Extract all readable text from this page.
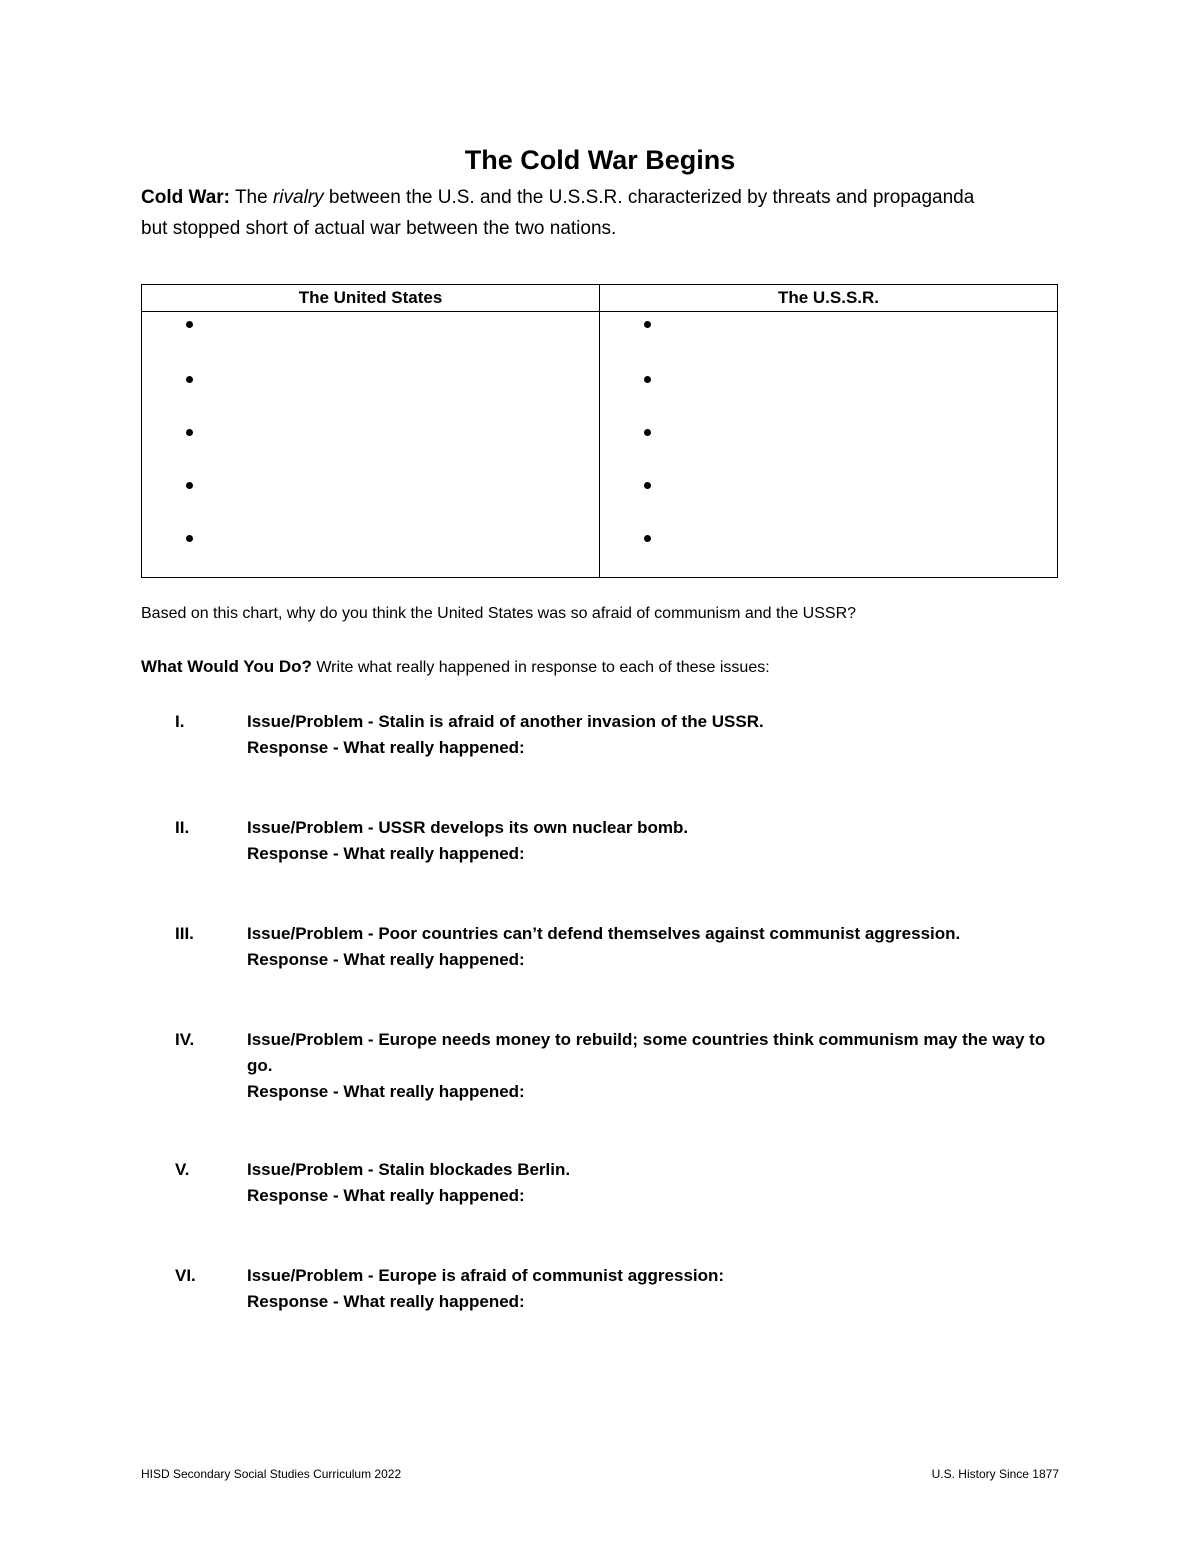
The Cold War Begins

Cold War: The rivalry between the U.S. and the U.S.S.R. characterized by threats and propaganda but stopped short of actual war between the two nations.

The United States	The U.S.S.R.

Based on this chart, why do you think the United States was so afraid of communism and the USSR?

What Would You Do? Write what really happened in response to each of these issues:

I.	Issue/Problem - Stalin is afraid of another invasion of the USSR.
Response - What really happened:
II.	Issue/Problem - USSR develops its own nuclear bomb.
Response - What really happened:
III.	Issue/Problem - Poor countries can’t defend themselves against communist aggression.
Response - What really happened:
IV.	Issue/Problem - Europe needs money to rebuild; some countries think communism may the way to go.
Response - What really happened:
V.	Issue/Problem - Stalin blockades Berlin.
Response - What really happened:
VI.	Issue/Problem - Europe is afraid of communist aggression:
Response - What really happened:
HISD Secondary Social Studies Curriculum 2022	U.S. History Since 1877
